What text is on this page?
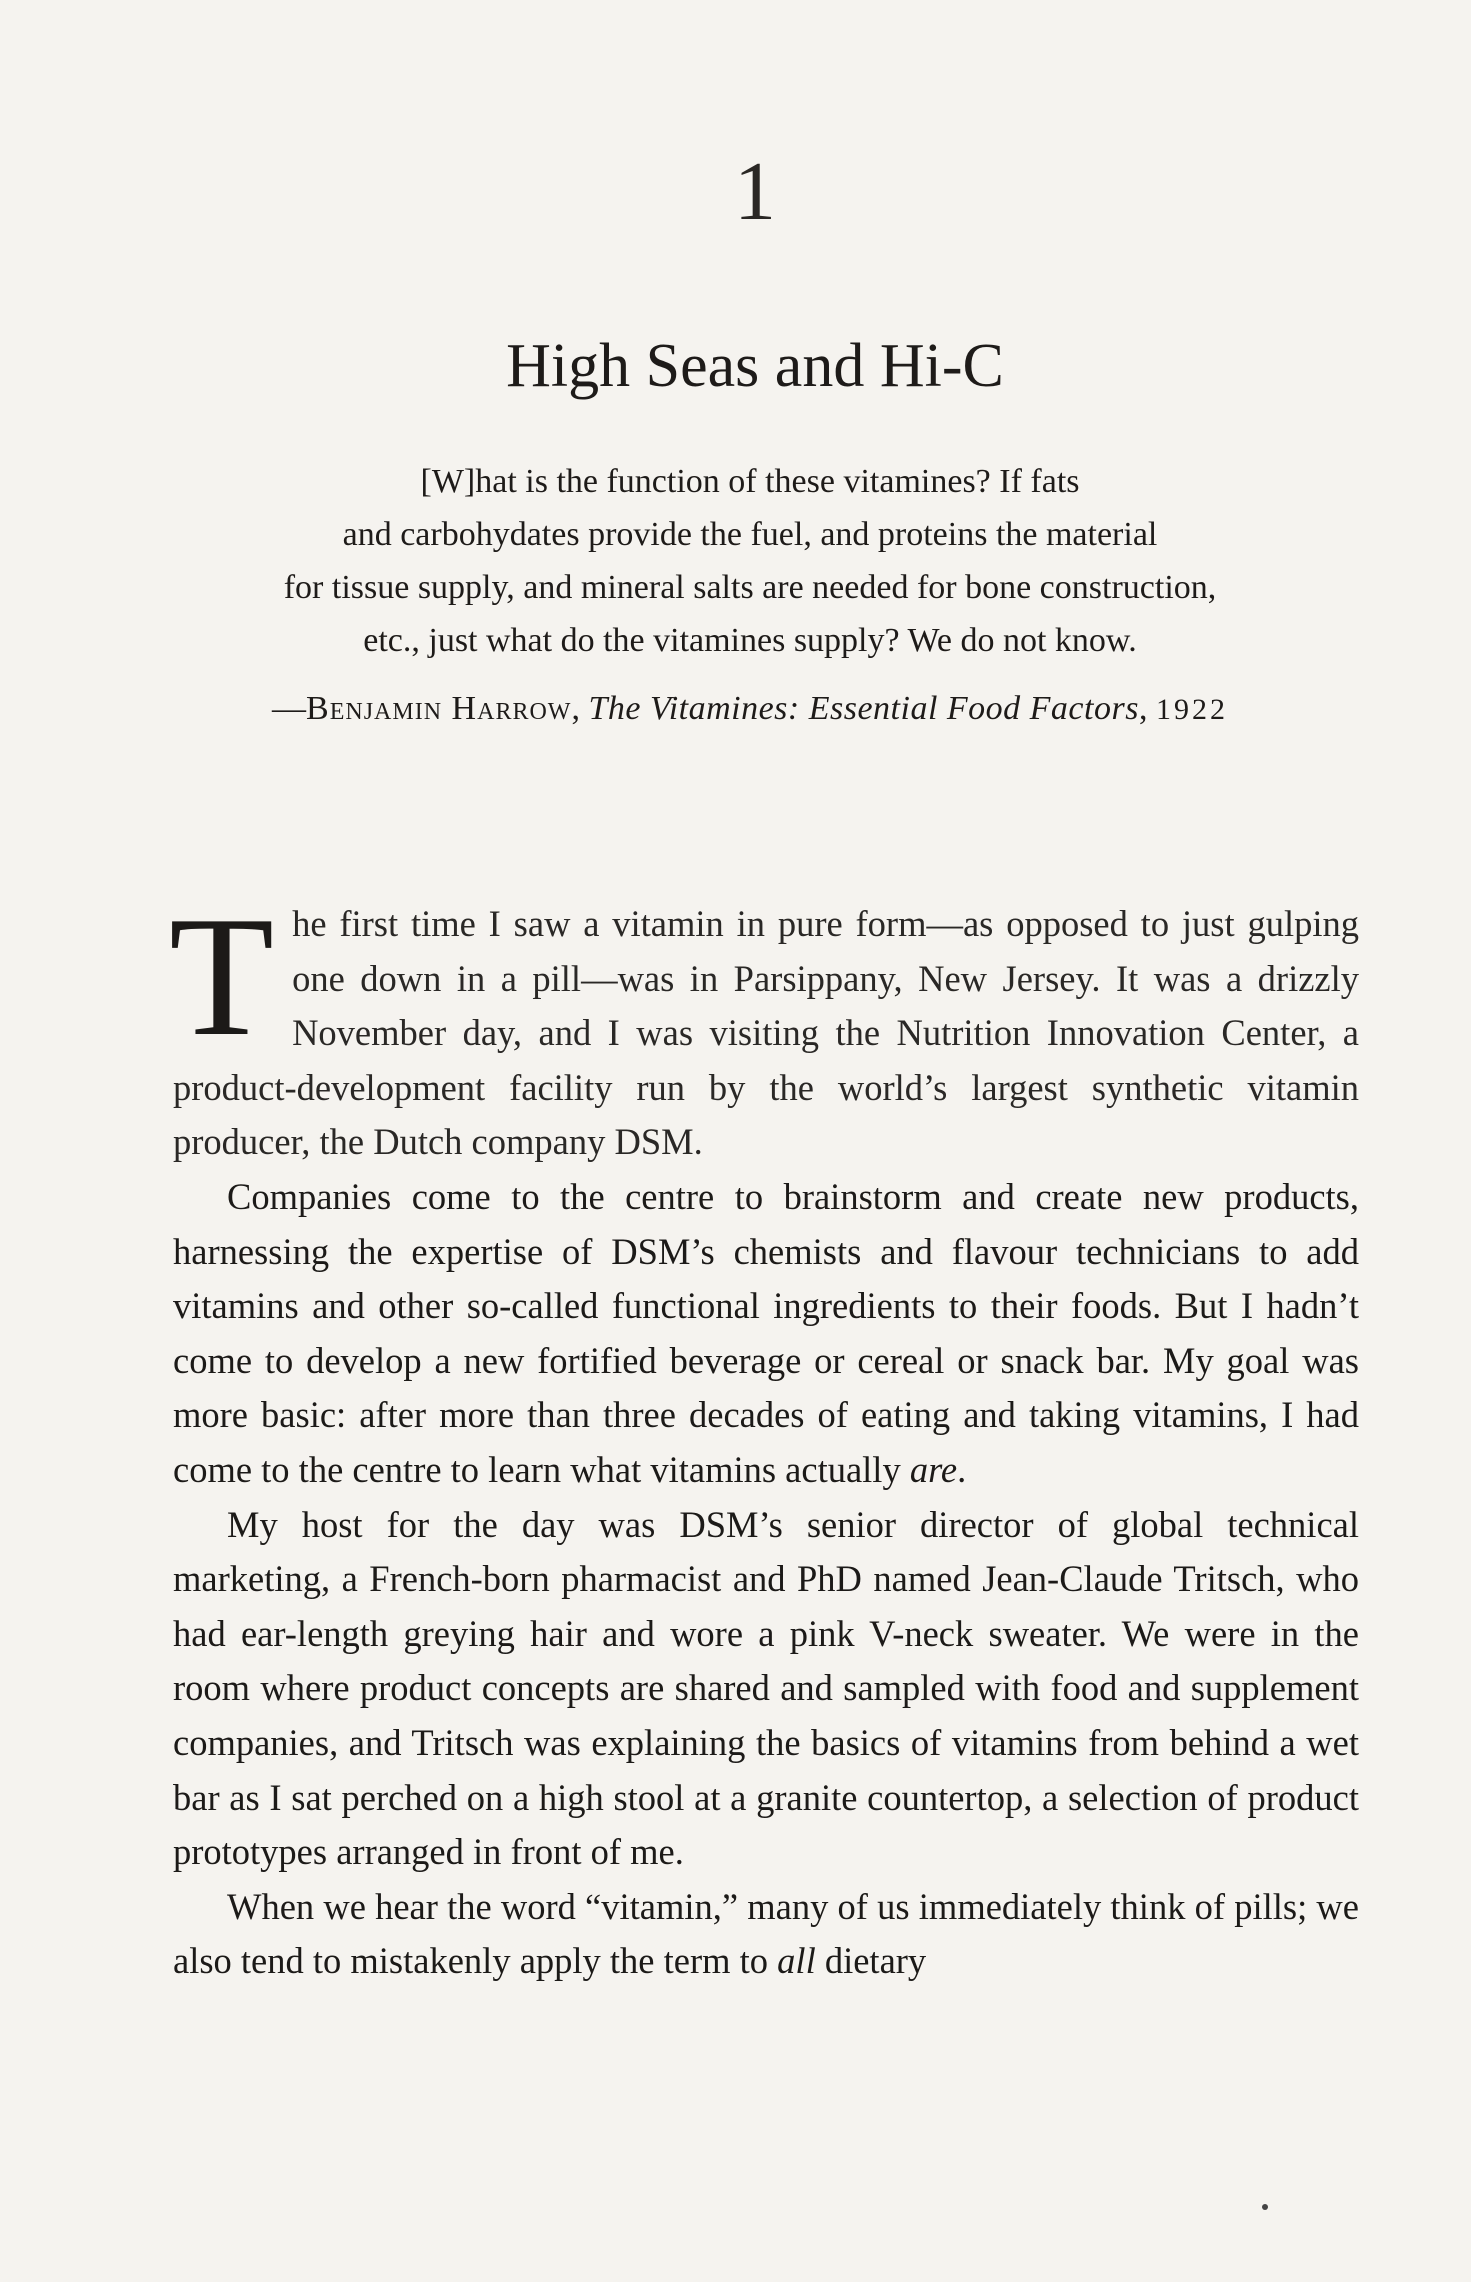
1
High Seas and Hi-C
[W]hat is the function of these vitamines? If fats
and carbohydates provide the fuel, and proteins the material
for tissue supply, and mineral salts are needed for bone construction,
etc., just what do the vitamines supply? We do not know.
—Benjamin Harrow, The Vitamines: Essential Food Factors, 1922

The first time I saw a vitamin in pure form—as opposed to just gulping one down in a pill—was in Parsippany, New Jersey. It was a drizzly November day, and I was visiting the Nutrition Innovation Center, a product-development facility run by the world’s largest synthetic vitamin producer, the Dutch company DSM.

Companies come to the centre to brainstorm and create new products, harnessing the expertise of DSM’s chemists and flavour technicians to add vitamins and other so-called functional ingredients to their foods. But I hadn’t come to develop a new fortified beverage or cereal or snack bar. My goal was more basic: after more than three decades of eating and taking vitamins, I had come to the centre to learn what vitamins actually are.

My host for the day was DSM’s senior director of global technical marketing, a French-born pharmacist and PhD named Jean-Claude Tritsch, who had ear-length greying hair and wore a pink V-neck sweater. We were in the room where product concepts are shared and sampled with food and supplement companies, and Tritsch was explaining the basics of vitamins from behind a wet bar as I sat perched on a high stool at a granite countertop, a selection of product prototypes arranged in front of me.

When we hear the word “vitamin,” many of us immediately think of pills; we also tend to mistakenly apply the term to all dietary
